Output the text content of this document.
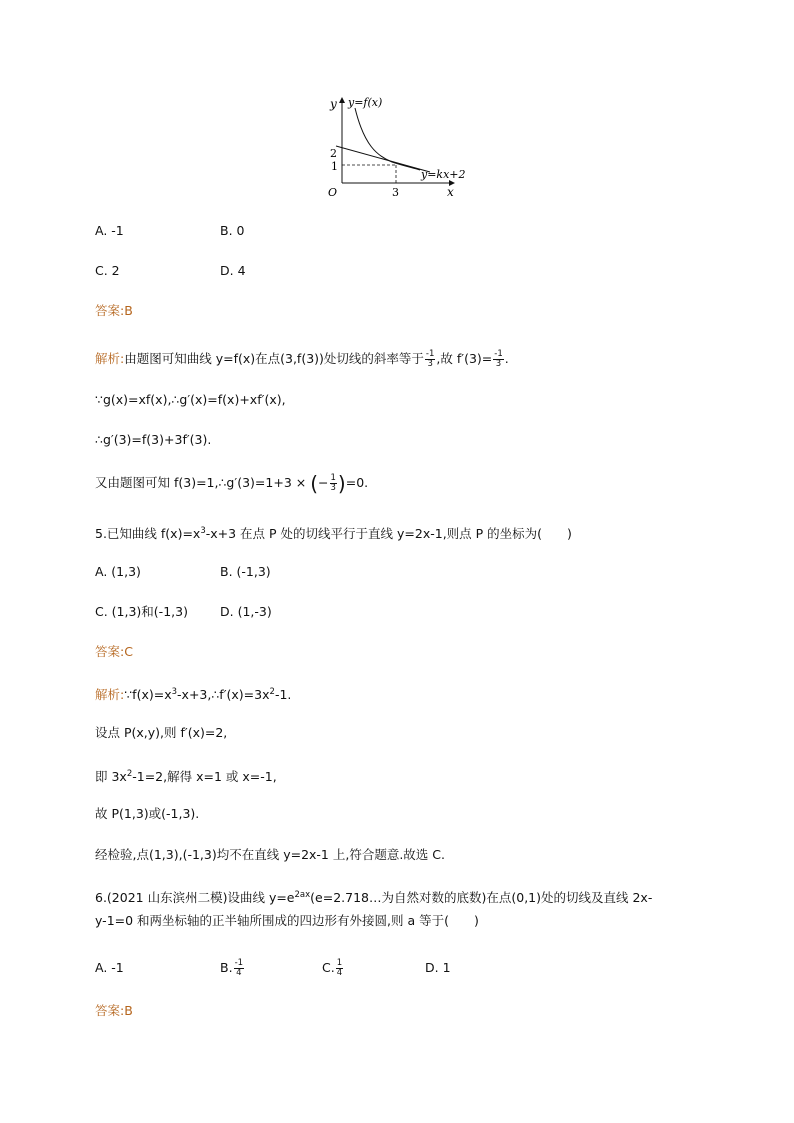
y y=f(x)
2
1
O	3	x
y=kx+2
A. -1	B. 0
C. 2	D. 4
答案:B
解析:由题图可知曲线 y=f(x)在点(3,f(3))处切线的斜率等于 $\frac{-1}{3}$ ,故 $f'(3)= \frac{-1}{3}$ .
∵g(x)=xf(x),∴g′(x)=f(x)+xf′(x),
∴g′(3)=f(3)+3f′(3).
又由题图可知 f(3)=1,∴g′(3)=1+3 × (− $\frac{1}{3} )=0$.
5.已知曲线 $f(x)=x^3-x+3$ 在点 P 处的切线平行于直线 y=2x-1,则点 P 的坐标为(　　)
A. (1,3)	B. (-1,3)
C. (1,3)和(-1,3)	D. (1,-3)
答案:C
解析$:\because f(x)=x^3-x+3,\therefore f'(x)=3x^2-1$.
设点 P(x,y),则 f′(x)=2,
即 $3x^2-1=2$,解得 x=1 或 x=-1,
故 P(1,3)或(-1,3).
经检验,点(1,3),(-1,3)均不在直线 y=2x-1 上,符合题意.故选 C.
6.(2021 山东滨州二模)设曲线 $y=e^{2ax}(e=2.718\dots$为自然对数的底数)在点(0,1)处的切线及直线 2x-
y-1=0 和两坐标轴的正半轴所围成的四边形有外接圆,则 a 等于(　　)
A. -1	B. $\frac{-1}{4}$	C. $\frac{1}{4}$	D. 1
答案:B
